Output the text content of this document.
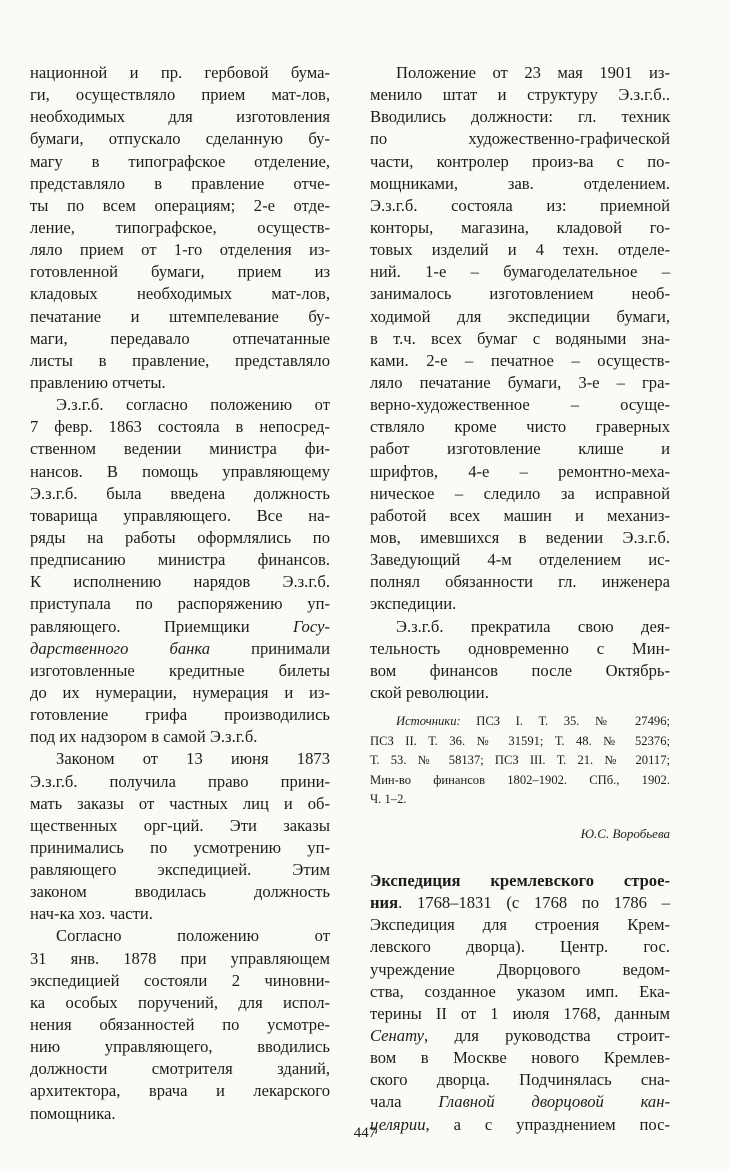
национной и пр. гербовой бума-
ги, осуществляло прием мат-лов,
необходимых для изготовления
бумаги, отпускало сделанную бу-
магу в типографское отделение,
представляло в правление отче-
ты по всем операциям; 2-е отде-
ление, типографское, осуществ-
ляло прием от 1-го отделения из-
готовленной бумаги, прием из
кладовых необходимых мат-лов,
печатание и штемпелевание бу-
маги, передавало отпечатанные
листы в правление, представляло
правлению отчеты.
Э.з.г.б. согласно положению от
7 февр. 1863 состояла в непосред-
ственном ведении министра фи-
нансов. В помощь управляющему
Э.з.г.б. была введена должность
товарища управляющего. Все на-
ряды на работы оформлялись по
предписанию министра финансов.
К исполнению нарядов Э.з.г.б.
приступала по распоряжению уп-
равляющего. Приемщики Госу-
дарственного банка принимали
изготовленные кредитные билеты
до их нумерации, нумерация и из-
готовление грифа производились
под их надзором в самой Э.з.г.б.
Законом от 13 июня 1873
Э.з.г.б. получила право прини-
мать заказы от частных лиц и об-
щественных орг-ций. Эти заказы
принимались по усмотрению уп-
равляющего экспедицией. Этим
законом вводилась должность
нач-ка хоз. части.
Согласно положению от
31 янв. 1878 при управляющем
экспедицией состояли 2 чиновни-
ка особых поручений, для испол-
нения обязанностей по усмотре-
нию управляющего, вводились
должности смотрителя зданий,
архитектора, врача и лекарского
помощника.
Положение от 23 мая 1901 из-
менило штат и структуру Э.з.г.б..
Вводились должности: гл. техник
по художественно-графической
части, контролер произ-ва с по-
мощниками, зав. отделением.
Э.з.г.б. состояла из: приемной
конторы, магазина, кладовой го-
товых изделий и 4 техн. отделе-
ний. 1-е – бумагоделательное –
занималось изготовлением необ-
ходимой для экспедиции бумаги,
в т.ч. всех бумаг с водяными зна-
ками. 2-е – печатное – осуществ-
ляло печатание бумаги, 3-е – гра-
верно-художественное – осуще-
ствляло кроме чисто граверных
работ изготовление клише и
шрифтов, 4-е – ремонтно-меха-
ническое – следило за исправной
работой всех машин и механиз-
мов, имевшихся в ведении Э.з.г.б.
Заведующий 4-м отделением ис-
полнял обязанности гл. инженера
экспедиции.
Э.з.г.б. прекратила свою дея-
тельность одновременно с Мин-
вом финансов после Октябрь-
ской революции.
Источники: ПСЗ I. Т. 35. № 27496;
ПСЗ II. Т. 36. № 31591; Т. 48. № 52376;
Т. 53. № 58137; ПСЗ III. Т. 21. № 20117;
Мин-во финансов 1802–1902. СПб., 1902.
Ч. 1–2.
Ю.С. Воробьева
Экспедиция кремлевского строе-
ния. 1768–1831 (с 1768 по 1786 –
Экспедиция для строения Крем-
левского дворца). Центр. гос.
учреждение Дворцового ведом-
ства, созданное указом имп. Ека-
терины II от 1 июля 1768, данным
Сенату, для руководства строит-
вом в Москве нового Кремлев-
ского дворца. Подчинялась сна-
чала Главной дворцовой кан-
целярии, а с упразднением пос-
447
